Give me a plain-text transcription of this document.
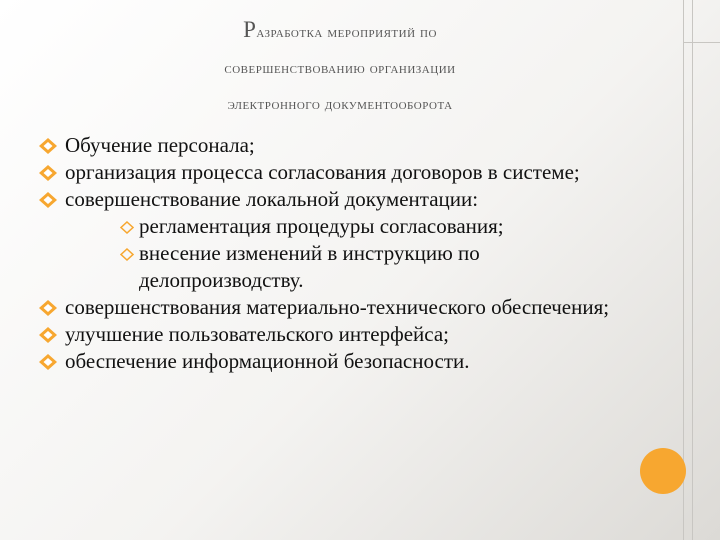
Разработка мероприятий по
совершенствованию организации
электронного документооборота
Обучение персонала;
организация процесса согласования договоров в системе;
совершенствование локальной документации:
регламентация процедуры согласования;
внесение изменений в инструкцию по делопроизводству.
совершенствования материально-технического обеспечения;
улучшение пользовательского интерфейса;
обеспечение информационной безопасности.
